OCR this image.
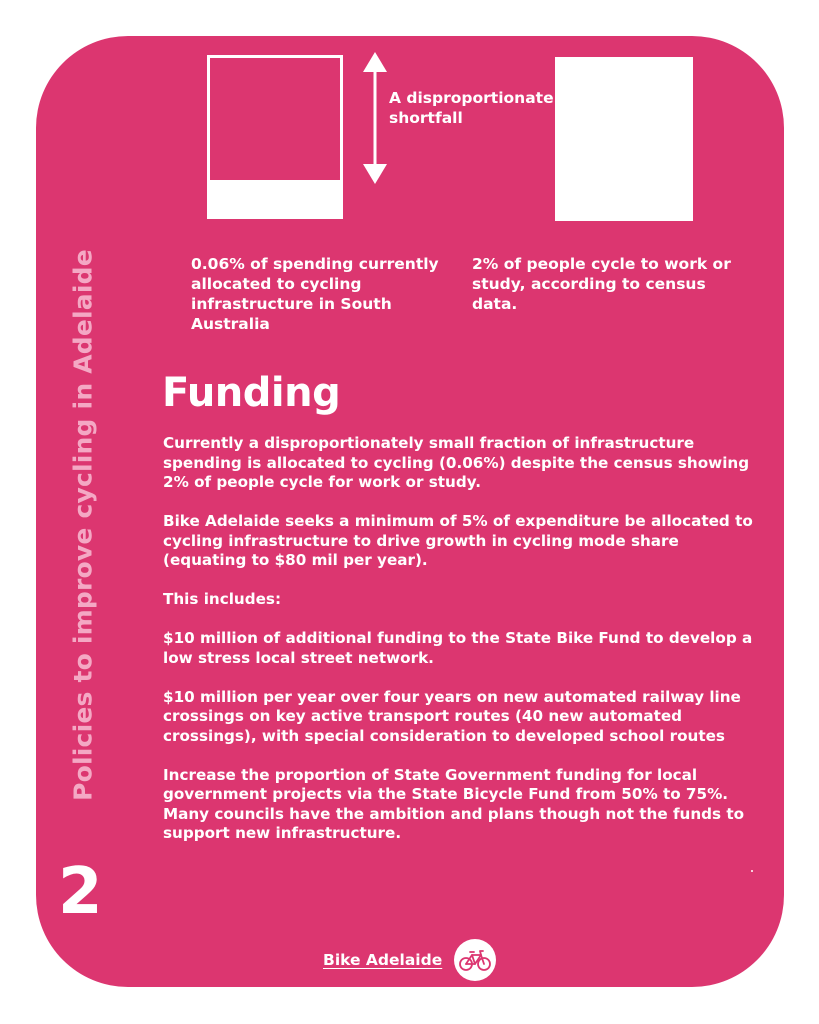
Policies to improve cycling in Adelaide
A disproportionate shortfall
0.06% of spending currently allocated to cycling infrastructure in South Australia
2% of people cycle to work or study, according to census data.
Funding

Currently a disproportionately small fraction of infrastructure spending is allocated to cycling (0.06%) despite the census showing 2% of people cycle for work or study.

Bike Adelaide seeks a minimum of 5% of expenditure be allocated to cycling infrastructure to drive growth in cycling mode share (equating to $80 mil per year).

This includes:

$10 million of additional funding to the State Bike Fund to develop a low stress local street network.

$10 million per year over four years on new automated railway line crossings on key active transport routes (40 new automated crossings), with special consideration to developed school routes

Increase the proportion of State Government funding for local government projects via the State Bicycle Fund from 50% to 75%. Many councils have the ambition and plans though not the funds to support new infrastructure.

2
Bike Adelaide
